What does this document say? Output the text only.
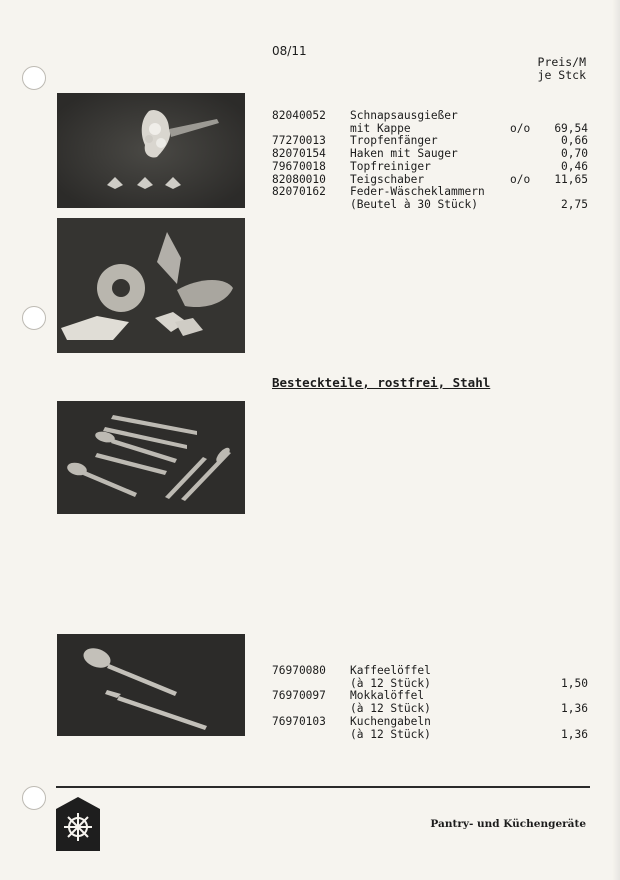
08/11
Preis/M
je Stck
82040052 Schnapsausgießer
mit Kappe	o/o 69,54
77270013 Tropfenfänger	0,66
82070154 Haken mit Sauger	0,70
79670018 Topfreiniger	0,46
82080010 Teigschaber	o/o 11,65
82070162 Feder-Wäscheklammern
(Beutel à 30 Stück)	2,75
Besteckteile, rostfrei, Stahl
76970080 Kaffeelöffel
(à 12 Stück)	1,50
76970097 Mokkalöffel
(à 12 Stück)	1,36
76970103 Kuchengabeln
(à 12 Stück)	1,36
Pantry- und Küchengeräte
